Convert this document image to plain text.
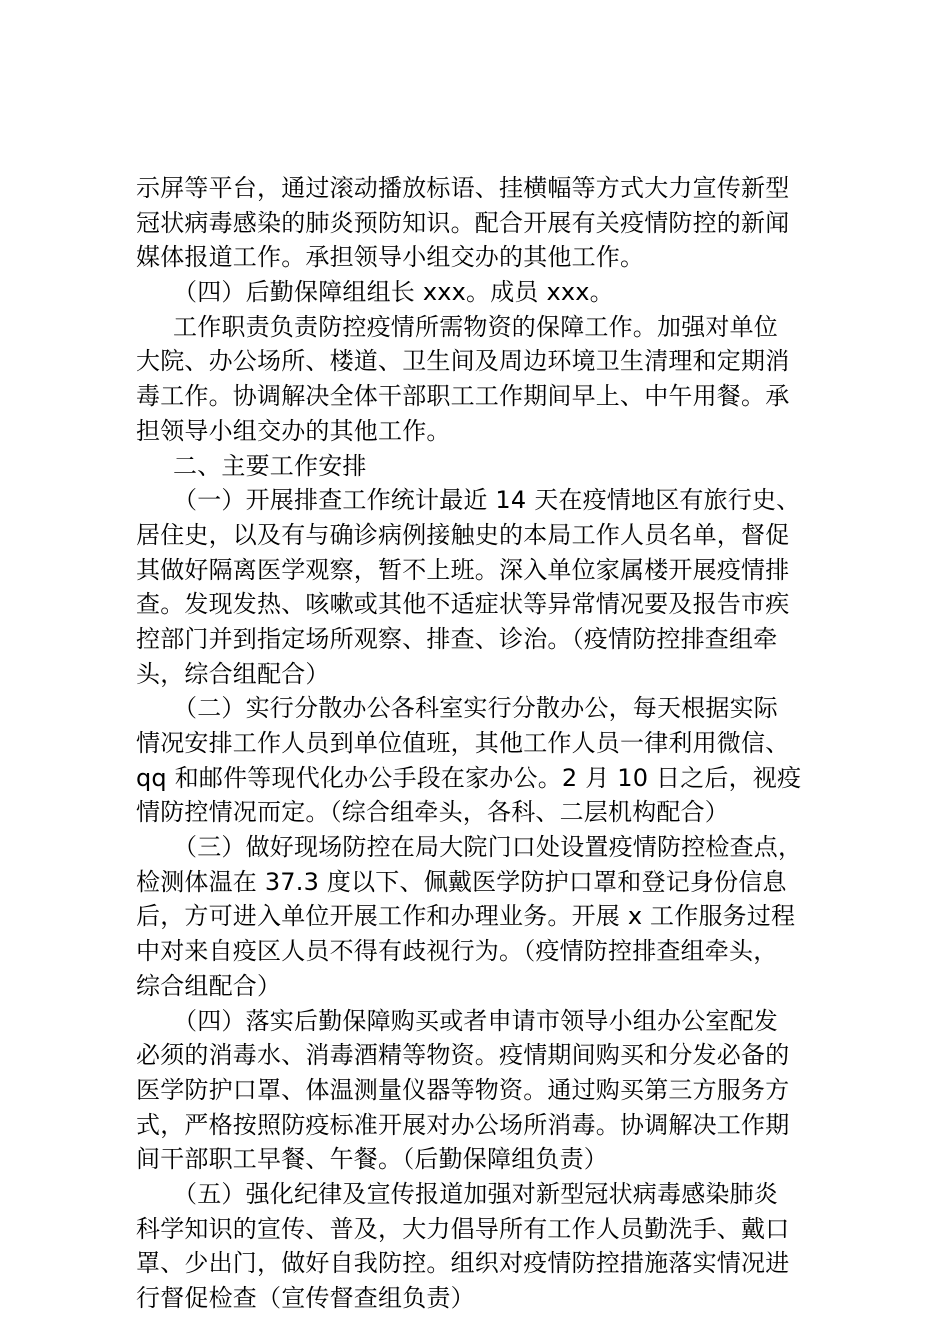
示屏等平台，通过滚动播放标语、挂横幅等方式大力宣传新型
冠状病毒感染的肺炎预防知识。配合开展有关疫情防控的新闻
媒体报道工作。承担领导小组交办的其他工作。
（四）后勤保障组组长 xxx。成员 xxx。
工作职责负责防控疫情所需物资的保障工作。加强对单位
大院、办公场所、楼道、卫生间及周边环境卫生清理和定期消
毒工作。协调解决全体干部职工工作期间早上、中午用餐。承
担领导小组交办的其他工作。
二、主要工作安排
（一）开展排查工作统计最近 14 天在疫情地区有旅行史、
居住史，以及有与确诊病例接触史的本局工作人员名单，督促
其做好隔离医学观察，暂不上班。深入单位家属楼开展疫情排
查。发现发热、咳嗽或其他不适症状等异常情况要及报告市疾
控部门并到指定场所观察、排查、诊治。（疫情防控排查组牵
头，综合组配合）
（二）实行分散办公各科室实行分散办公，每天根据实际
情况安排工作人员到单位值班，其他工作人员一律利用微信、
qq 和邮件等现代化办公手段在家办公。2 月 10 日之后，视疫
情防控情况而定。（综合组牵头，各科、二层机构配合）
（三）做好现场防控在局大院门口处设置疫情防控检查点，
检测体温在 37.3 度以下、佩戴医学防护口罩和登记身份信息
后，方可进入单位开展工作和办理业务。开展 x 工作服务过程
中对来自疫区人员不得有歧视行为。（疫情防控排查组牵头，
综合组配合）
（四）落实后勤保障购买或者申请市领导小组办公室配发
必须的消毒水、消毒酒精等物资。疫情期间购买和分发必备的
医学防护口罩、体温测量仪器等物资。通过购买第三方服务方
式，严格按照防疫标准开展对办公场所消毒。协调解决工作期
间干部职工早餐、午餐。（后勤保障组负责）
（五）强化纪律及宣传报道加强对新型冠状病毒感染肺炎
科学知识的宣传、普及，大力倡导所有工作人员勤洗手、戴口
罩、少出门，做好自我防控。组织对疫情防控措施落实情况进
行督促检查（宣传督查组负责）
